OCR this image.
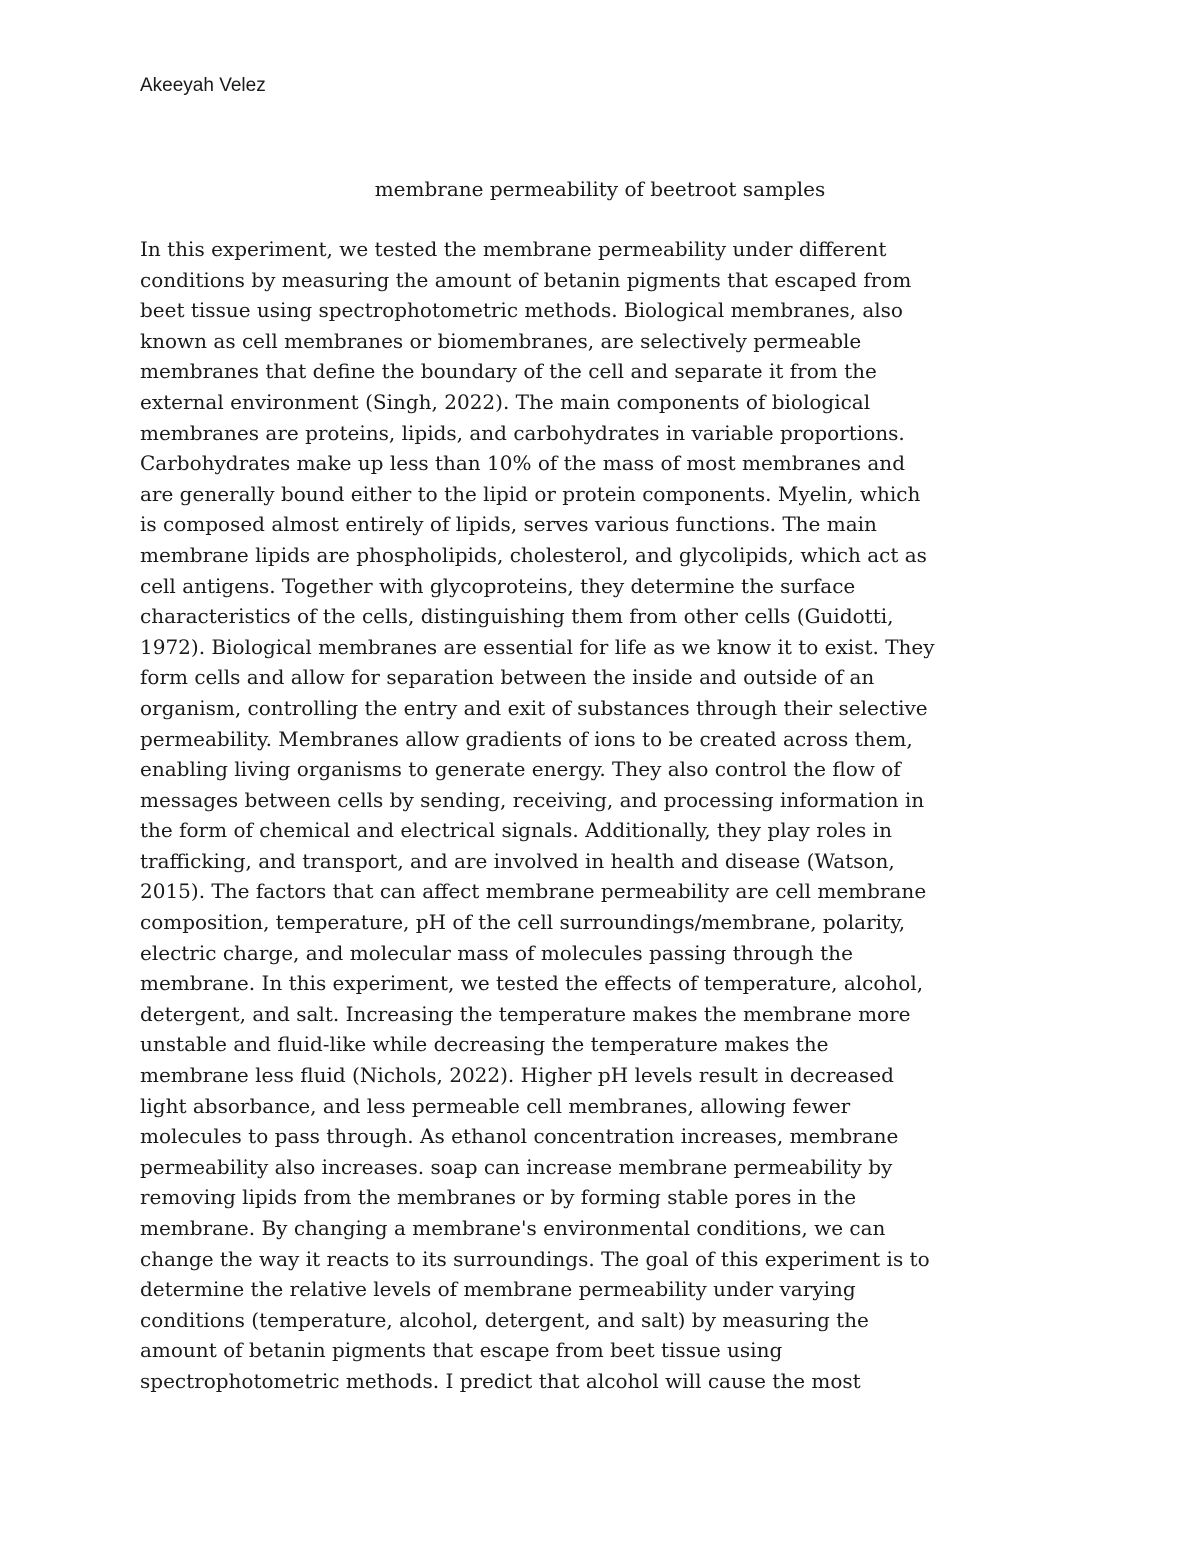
Akeeyah Velez
membrane permeability of beetroot samples
In this experiment, we tested the membrane permeability under different
conditions by measuring the amount of betanin pigments that escaped from
beet tissue using spectrophotometric methods. Biological membranes, also
known as cell membranes or biomembranes, are selectively permeable
membranes that define the boundary of the cell and separate it from the
external environment (Singh, 2022). The main components of biological
membranes are proteins, lipids, and carbohydrates in variable proportions.
Carbohydrates make up less than 10% of the mass of most membranes and
are generally bound either to the lipid or protein components. Myelin, which
is composed almost entirely of lipids, serves various functions. The main
membrane lipids are phospholipids, cholesterol, and glycolipids, which act as
cell antigens. Together with glycoproteins, they determine the surface
characteristics of the cells, distinguishing them from other cells (Guidotti,
1972). Biological membranes are essential for life as we know it to exist. They
form cells and allow for separation between the inside and outside of an
organism, controlling the entry and exit of substances through their selective
permeability. Membranes allow gradients of ions to be created across them,
enabling living organisms to generate energy. They also control the flow of
messages between cells by sending, receiving, and processing information in
the form of chemical and electrical signals. Additionally, they play roles in
trafficking, and transport, and are involved in health and disease (Watson,
2015). The factors that can affect membrane permeability are cell membrane
composition, temperature, pH of the cell surroundings/membrane, polarity,
electric charge, and molecular mass of molecules passing through the
membrane. In this experiment, we tested the effects of temperature, alcohol,
detergent, and salt. Increasing the temperature makes the membrane more
unstable and fluid-like while decreasing the temperature makes the
membrane less fluid (Nichols, 2022). Higher pH levels result in decreased
light absorbance, and less permeable cell membranes, allowing fewer
molecules to pass through. As ethanol concentration increases, membrane
permeability also increases. soap can increase membrane permeability by
removing lipids from the membranes or by forming stable pores in the
membrane. By changing a membrane's environmental conditions, we can
change the way it reacts to its surroundings. The goal of this experiment is to
determine the relative levels of membrane permeability under varying
conditions (temperature, alcohol, detergent, and salt) by measuring the
amount of betanin pigments that escape from beet tissue using
spectrophotometric methods. I predict that alcohol will cause the most
